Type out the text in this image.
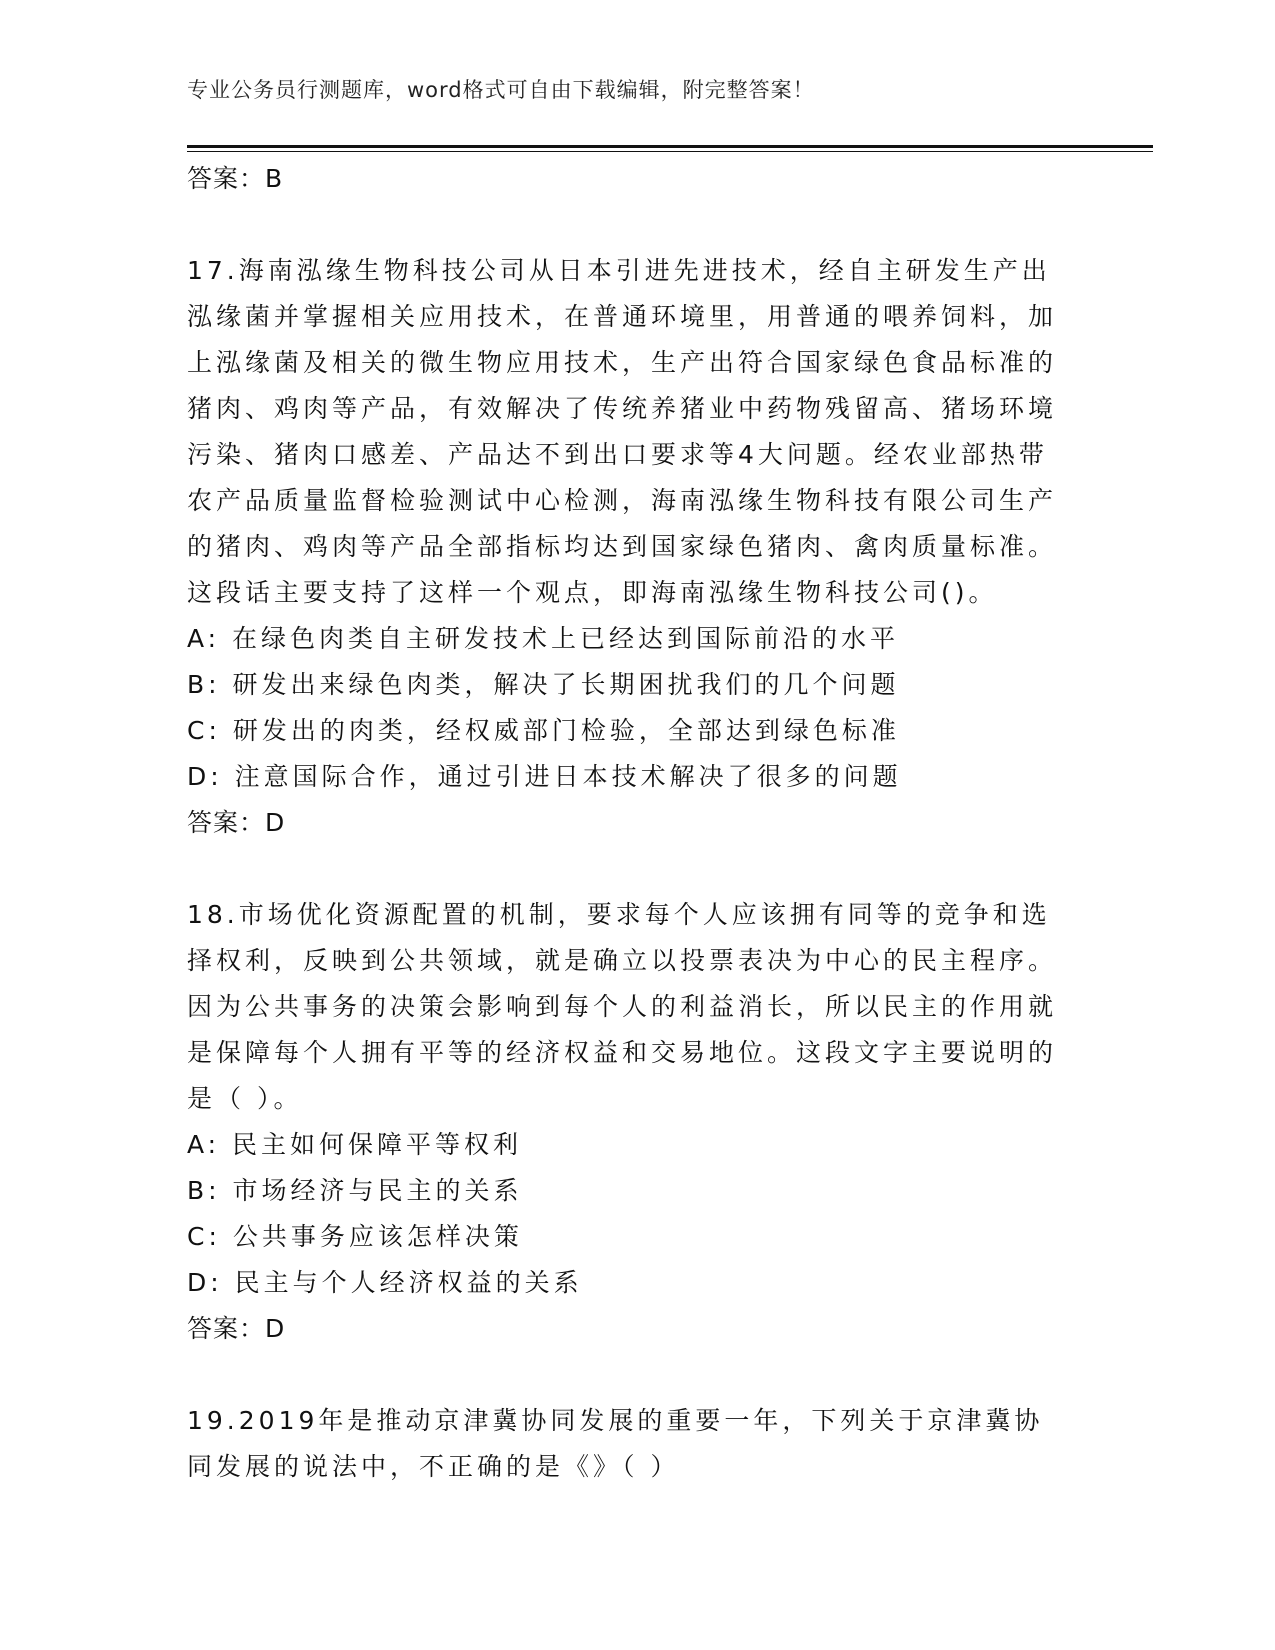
专业公务员行测题库，word格式可自由下载编辑，附完整答案！

答案：B

17.海南泓缘生物科技公司从日本引进先进技术，经自主研发生产出泓缘菌并掌握相关应用技术，在普通环境里，用普通的喂养饲料，加上泓缘菌及相关的微生物应用技术，生产出符合国家绿色食品标准的猪肉、鸡肉等产品，有效解决了传统养猪业中药物残留高、猪场环境污染、猪肉口感差、产品达不到出口要求等4大问题。经农业部热带农产品质量监督检验测试中心检测，海南泓缘生物科技有限公司生产的猪肉、鸡肉等产品全部指标均达到国家绿色猪肉、禽肉质量标准。这段话主要支持了这样一个观点，即海南泓缘生物科技公司()。

A: 在绿色肉类自主研发技术上已经达到国际前沿的水平

B: 研发出来绿色肉类，解决了长期困扰我们的几个问题

C: 研发出的肉类，经权威部门检验，全部达到绿色标准

D: 注意国际合作，通过引进日本技术解决了很多的问题

答案：D

18.市场优化资源配置的机制，要求每个人应该拥有同等的竞争和选择权利，反映到公共领域，就是确立以投票表决为中心的民主程序。因为公共事务的决策会影响到每个人的利益消长，所以民主的作用就是保障每个人拥有平等的经济权益和交易地位。这段文字主要说明的是（ ）。

A: 民主如何保障平等权利

B: 市场经济与民主的关系

C: 公共事务应该怎样决策

D: 民主与个人经济权益的关系

答案：D

19.2019年是推动京津冀协同发展的重要一年，下列关于京津冀协同发展的说法中，不正确的是《》（ ）
